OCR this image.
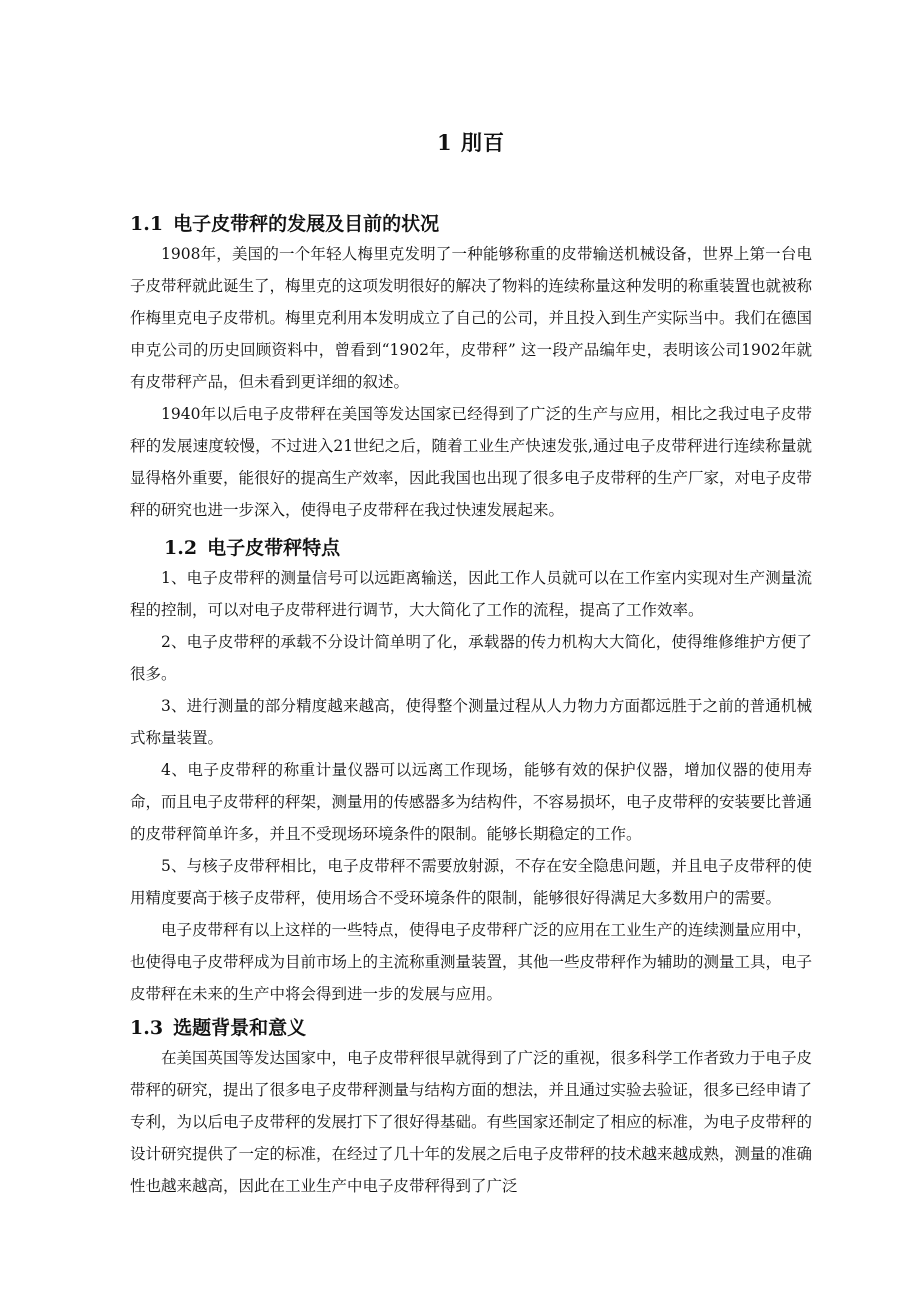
1 刖百
1.1 电子皮带秤的发展及目前的状况

1908年，美国的一个年轻人梅里克发明了一种能够称重的皮带输送机械设备，世界上第一台电子皮带秤就此诞生了，梅里克的这项发明很好的解决了物料的连续称量这种发明的称重装置也就被称作梅里克电子皮带机。梅里克利用本发明成立了自己的公司，并且投入到生产实际当中。我们在德国申克公司的历史回顾资料中，曾看到“1902年，皮带秤” 这一段产品编年史，表明该公司1902年就有皮带秤产品，但未看到更详细的叙述。

1940年以后电子皮带秤在美国等发达国家已经得到了广泛的生产与应用，相比之我过电子皮带秤的发展速度较慢，不过进入21世纪之后，随着工业生产快速发张,通过电子皮带秤进行连续称量就显得格外重要，能很好的提高生产效率，因此我国也出现了很多电子皮带秤的生产厂家，对电子皮带秤的研究也进一步深入，使得电子皮带秤在我过快速发展起来。

1.2 电子皮带秤特点

1、电子皮带秤的测量信号可以远距离输送，因此工作人员就可以在工作室内实现对生产测量流程的控制，可以对电子皮带秤进行调节，大大简化了工作的流程，提高了工作效率。

2、电子皮带秤的承载不分设计简单明了化，承载器的传力机构大大简化，使得维修维护方便了很多。

3、进行测量的部分精度越来越高，使得整个测量过程从人力物力方面都远胜于之前的普通机械式称量装置。

4、电子皮带秤的称重计量仪器可以远离工作现场，能够有效的保护仪器，增加仪器的使用寿命，而且电子皮带秤的秤架，测量用的传感器多为结构件，不容易损坏，电子皮带秤的安装要比普通的皮带秤简单许多，并且不受现场环境条件的限制。能够长期稳定的工作。

5、与核子皮带秤相比，电子皮带秤不需要放射源，不存在安全隐患问题，并且电子皮带秤的使用精度要高于核子皮带秤，使用场合不受环境条件的限制，能够很好得满足大多数用户的需要。

电子皮带秤有以上这样的一些特点，使得电子皮带秤广泛的应用在工业生产的连续测量应用中，也使得电子皮带秤成为目前市场上的主流称重测量装置，其他一些皮带秤作为辅助的测量工具，电子皮带秤在未来的生产中将会得到进一步的发展与应用。

1.3 选题背景和意义

在美国英国等发达国家中，电子皮带秤很早就得到了广泛的重视，很多科学工作者致力于电子皮带秤的研究，提出了很多电子皮带秤测量与结构方面的想法，并且通过实验去验证，很多已经申请了专利，为以后电子皮带秤的发展打下了很好得基础。有些国家还制定了相应的标准，为电子皮带秤的设计研究提供了一定的标准，在经过了几十年的发展之后电子皮带秤的技术越来越成熟，测量的准确性也越来越高，因此在工业生产中电子皮带秤得到了广泛
